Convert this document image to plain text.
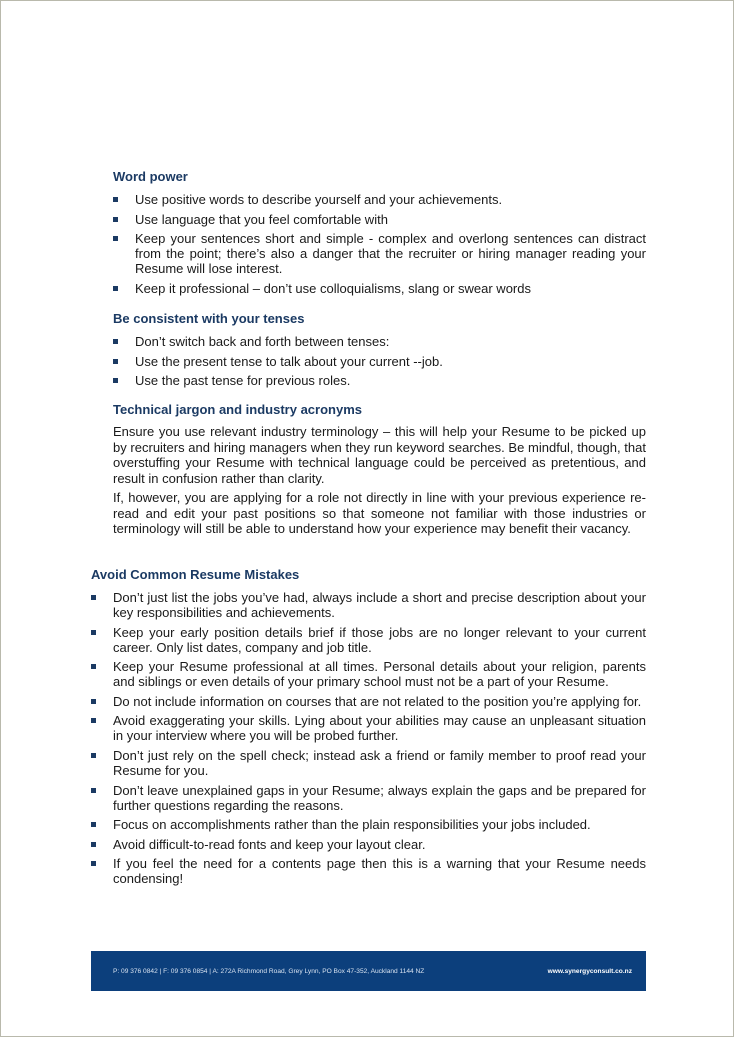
Word power
Use positive words to describe yourself and your achievements.
Use language that you feel comfortable with
Keep your sentences short and simple - complex and overlong sentences can distract from the point; there’s also a danger that the recruiter or hiring manager reading your Resume will lose interest.
Keep it professional – don’t use colloquialisms, slang or swear words
Be consistent with your tenses
Don’t switch back and forth between tenses:
Use the present tense to talk about your current --job.
Use the past tense for previous roles.
Technical jargon and industry acronyms

Ensure you use relevant industry terminology – this will help your Resume to be picked up by recruiters and hiring managers when they run keyword searches. Be mindful, though, that overstuffing your Resume with technical language could be perceived as pretentious, and result in confusion rather than clarity.

If, however, you are applying for a role not directly in line with your previous experience re-read and edit your past positions so that someone not familiar with those industries or terminology will still be able to understand how your experience may benefit their vacancy.

Avoid Common Resume Mistakes
Don’t just list the jobs you’ve had, always include a short and precise description about your key responsibilities and achievements.
Keep your early position details brief if those jobs are no longer relevant to your current career. Only list dates, company and job title.
Keep your Resume professional at all times. Personal details about your religion, parents and siblings or even details of your primary school must not be a part of your Resume.
Do not include information on courses that are not related to the position you’re applying for.
Avoid exaggerating your skills. Lying about your abilities may cause an unpleasant situation in your interview where you will be probed further.
Don’t just rely on the spell check; instead ask a friend or family member to proof read your Resume for you.
Don’t leave unexplained gaps in your Resume; always explain the gaps and be prepared for further questions regarding the reasons.
Focus on accomplishments rather than the plain responsibilities your jobs included.
Avoid difficult-to-read fonts and keep your layout clear.
If you feel the need for a contents page then this is a warning that your Resume needs condensing!
P: 09 376 0842 | F: 09 376 0854 | A: 272A Richmond Road, Grey Lynn, PO Box 47-352, Auckland 1144 NZ	www.synergyconsult.co.nz
